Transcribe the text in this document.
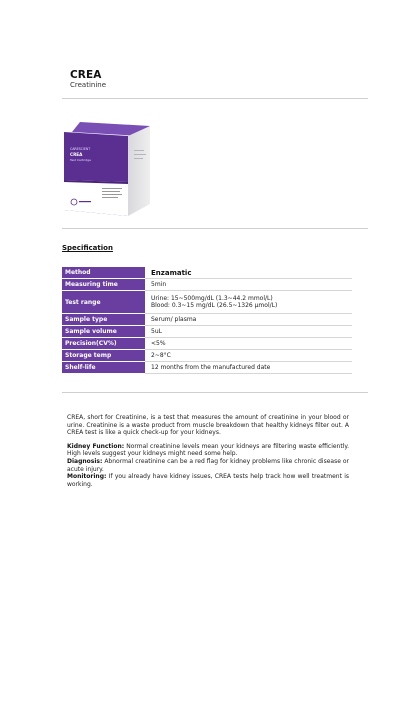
CREA
Creatinine
CARESCIENT
CREA
Test Cartridge
Specification
Method	Enzamatic
Measuring time	5min
Test range	Urine: 15~500mg/dL (1.3~44.2 mmol/L)
Blood: 0.3~15 mg/dL (26.5~1326 μmol/L)

Sample type	Serum/ plasma
Sample volume	5uL
Precision(CV%)	<5%
Storage temp	2~8°C
Shelf-life	12 months from the manufactured date

CREA, short for Creatinine, is a test that measures the amount of creatinine in your blood or urine. Creatinine is a waste product from muscle breakdown that healthy kidneys filter out. A CREA test is like a quick check-up for your kidneys.

Kidney Function: Normal creatinine levels mean your kidneys are filtering waste efficiently. High levels suggest your kidneys might need some help.

Diagnosis: Abnormal creatinine can be a red flag for kidney problems like chronic disease or acute injury.

Monitoring: If you already have kidney issues, CREA tests help track how well treatment is working.
